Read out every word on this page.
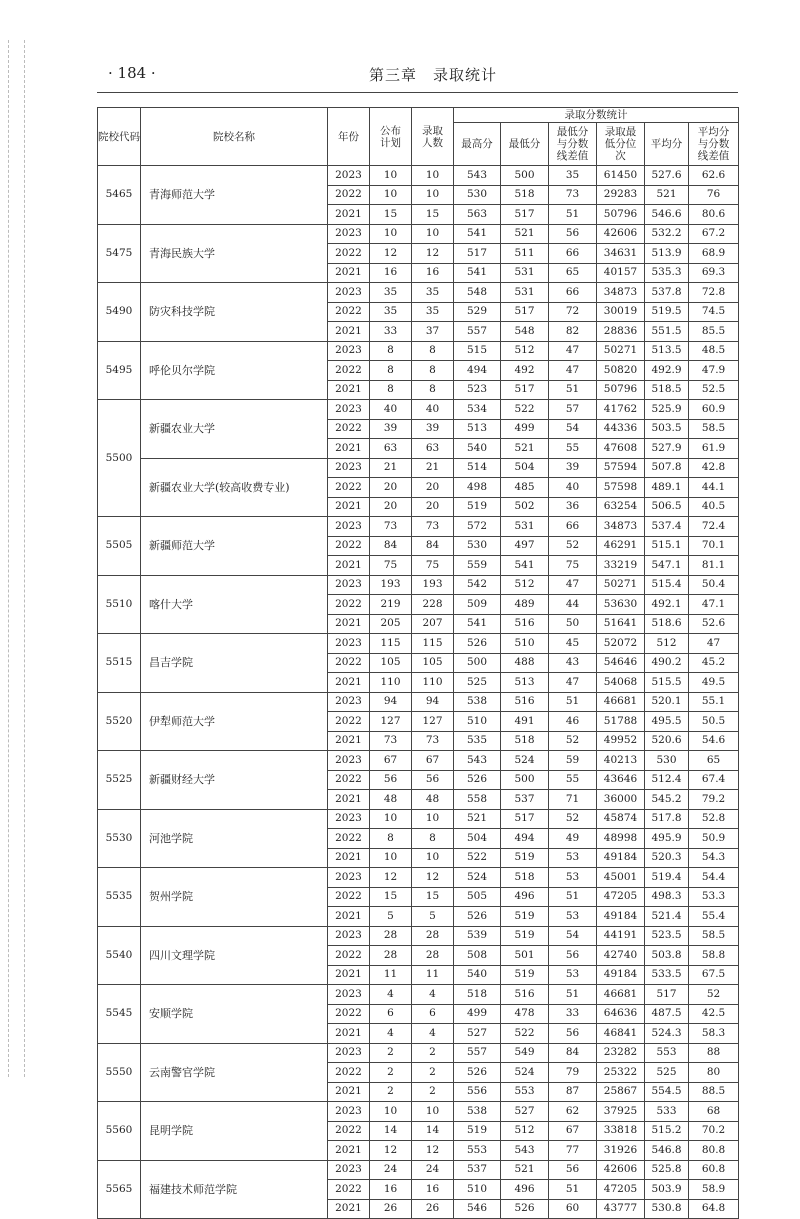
· 184 ·	第三章　录取统计
院校代码	院校名称	年份	公布计划	录取人数	录取分数统计					
					最高分	最低分	最低分与分数线差值	录取最低分位次	平均分	平均分与分数线差值
5465	青海师范大学	2023	10	10	543	500	35	61450	527.6	62.6
		2022	10	10	530	518	73	29283	521	76
		2021	15	15	563	517	51	50796	546.6	80.6
5475	青海民族大学	2023	10	10	541	521	56	42606	532.2	67.2
		2022	12	12	517	511	66	34631	513.9	68.9
		2021	16	16	541	531	65	40157	535.3	69.3
5490	防灾科技学院	2023	35	35	548	531	66	34873	537.8	72.8
		2022	35	35	529	517	72	30019	519.5	74.5
		2021	33	37	557	548	82	28836	551.5	85.5
5495	呼伦贝尔学院	2023	8	8	515	512	47	50271	513.5	48.5
		2022	8	8	494	492	47	50820	492.9	47.9
		2021	8	8	523	517	51	50796	518.5	52.5
5500	新疆农业大学	2023	40	40	534	522	57	41762	525.9	60.9
		2022	39	39	513	499	54	44336	503.5	58.5
		2021	63	63	540	521	55	47608	527.9	61.9
	新疆农业大学(较高收费专业)	2023	21	21	514	504	39	57594	507.8	42.8
		2022	20	20	498	485	40	57598	489.1	44.1
		2021	20	20	519	502	36	63254	506.5	40.5
5505	新疆师范大学	2023	73	73	572	531	66	34873	537.4	72.4
		2022	84	84	530	497	52	46291	515.1	70.1
		2021	75	75	559	541	75	33219	547.1	81.1
5510	喀什大学	2023	193	193	542	512	47	50271	515.4	50.4
		2022	219	228	509	489	44	53630	492.1	47.1
		2021	205	207	541	516	50	51641	518.6	52.6
5515	昌吉学院	2023	115	115	526	510	45	52072	512	47
		2022	105	105	500	488	43	54646	490.2	45.2
		2021	110	110	525	513	47	54068	515.5	49.5
5520	伊犁师范大学	2023	94	94	538	516	51	46681	520.1	55.1
		2022	127	127	510	491	46	51788	495.5	50.5
		2021	73	73	535	518	52	49952	520.6	54.6
5525	新疆财经大学	2023	67	67	543	524	59	40213	530	65
		2022	56	56	526	500	55	43646	512.4	67.4
		2021	48	48	558	537	71	36000	545.2	79.2
5530	河池学院	2023	10	10	521	517	52	45874	517.8	52.8
		2022	8	8	504	494	49	48998	495.9	50.9
		2021	10	10	522	519	53	49184	520.3	54.3
5535	贺州学院	2023	12	12	524	518	53	45001	519.4	54.4
		2022	15	15	505	496	51	47205	498.3	53.3
		2021	5	5	526	519	53	49184	521.4	55.4
5540	四川文理学院	2023	28	28	539	519	54	44191	523.5	58.5
		2022	28	28	508	501	56	42740	503.8	58.8
		2021	11	11	540	519	53	49184	533.5	67.5
5545	安顺学院	2023	4	4	518	516	51	46681	517	52
		2022	6	6	499	478	33	64636	487.5	42.5
		2021	4	4	527	522	56	46841	524.3	58.3
5550	云南警官学院	2023	2	2	557	549	84	23282	553	88
		2022	2	2	526	524	79	25322	525	80
		2021	2	2	556	553	87	25867	554.5	88.5
5560	昆明学院	2023	10	10	538	527	62	37925	533	68
		2022	14	14	519	512	67	33818	515.2	70.2
		2021	12	12	553	543	77	31926	546.8	80.8
5565	福建技术师范学院	2023	24	24	537	521	56	42606	525.8	60.8
		2022	16	16	510	496	51	47205	503.9	58.9
		2021	26	26	546	526	60	43777	530.8	64.8
